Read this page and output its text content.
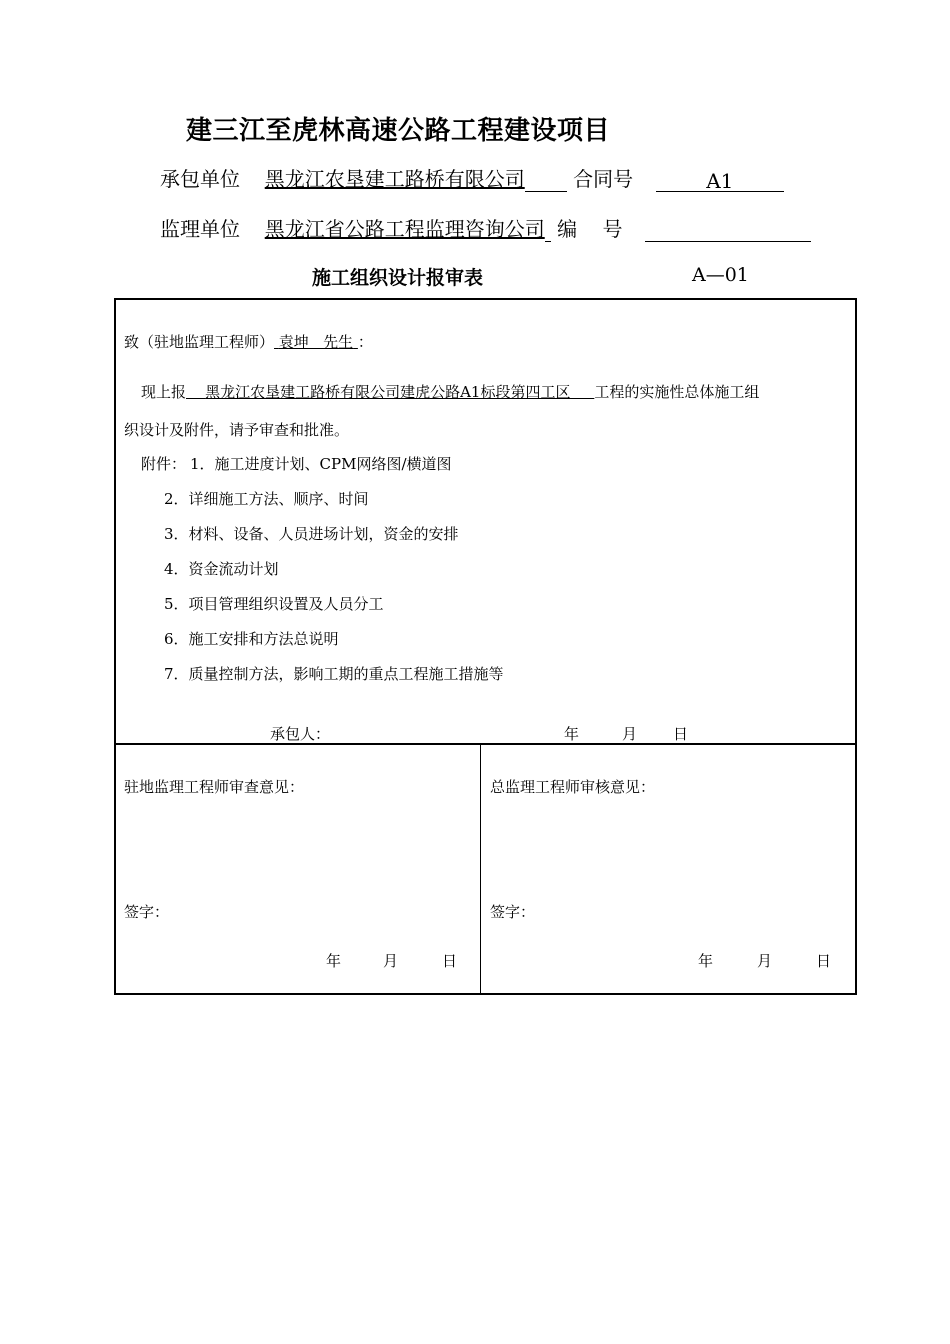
建三江至虎林高速公路工程建设项目
承包单位 黑龙江农垦建工路桥有限公司 合同号	A1
监理单位 黑龙江省公路工程监理咨询公司 编    号
施工组织设计报审表	A—01
致（驻地监理工程师） 袁坤   先生 ：
现上报 黑龙江农垦建工路桥有限公司建虎公路A1标段第四工区 工程的实施性总体施工组
织设计及附件，请予审查和批准。
附件： 1．施工进度计划、CPM网络图/横道图
2．详细施工方法、顺序、时间
3．材料、设备、人员进场计划，资金的安排
4．资金流动计划
5．项目管理组织设置及人员分工
6．施工安排和方法总说明
7．质量控制方法，影响工期的重点工程施工措施等
承包人：	年	月 日
驻地监理工程师审查意见：
签字：
年	月	日
总监理工程师审核意见：
签字：
年	月	日
